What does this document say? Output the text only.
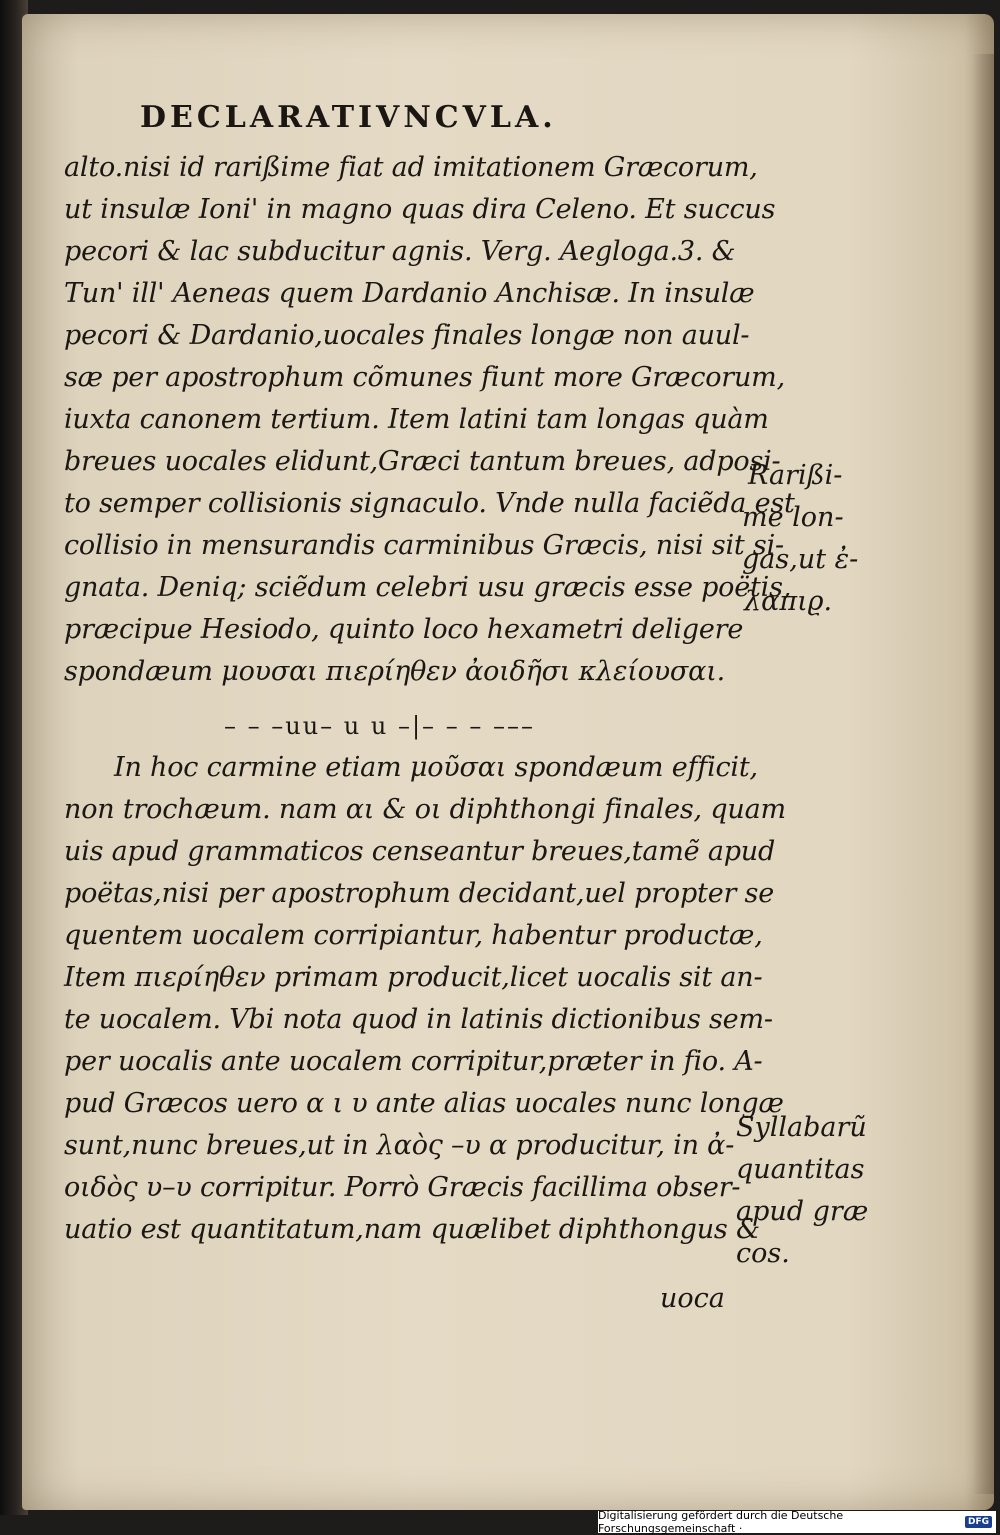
DECLARATIVNCVLA.
alto.nisi id rarißime fiat ad imitationem Græcorum,
ut insulæ Ioni' in magno quas dira Celeno. Et succus
pecori & lac subducitur agnis. Verg. Aegloga.3. &
Tun' ill' Aeneas quem Dardanio Anchisæ. In insulæ
pecori & Dardanio,uocales finales longæ non auul-
sæ per apostrophum cõmunes fiunt more Græcorum,
iuxta canonem tertium. Item latini tam longas quàm
breues uocales elidunt,Græci tantum breues, adposi-
to semper collisionis signaculo. Vnde nulla faciẽda est
collisio in mensurandis carminibus Græcis, nisi sit si-
gnata. Deniq; sciẽdum celebri usu græcis esse poëtis,
præcipue Hesiodo, quinto loco hexametri deligere
spondæum μουσαι πιερίηθεν ἀοιδῆσι κλείουσαι.
– – –uu– u u –|– – – –––
In hoc carmine etiam μοῦσαι spondæum efficit,
non trochæum. nam αι & οι diphthongi finales, quam
uis apud grammaticos censeantur breues,tamẽ apud
poëtas,nisi per apostrophum decidant,uel propter se
quentem uocalem corripiantur, habentur productæ,
Item πιερίηθεν primam producit,licet uocalis sit an-
te uocalem. Vbi nota quod in latinis dictionibus sem-
per uocalis ante uocalem corripitur,præter in fio. A-
pud Græcos uero α ι υ ante alias uocales nunc longæ
sunt,nunc breues,ut in λαὸς –υ α producitur, in ἀ-
οιδὸς υ–υ corripitur. Porrò Græcis facillima obser-
uatio est quantitatum,nam quælibet diphthongus &
Rarißi-
me lon-
gas,ut ἐ-
λαπιϱ.
Syllabarũ
quantitas
apud græ
cos.
uoca
Digitalisierung gefördert durch die Deutsche Forschungsgemeinschaft ·	DFG
